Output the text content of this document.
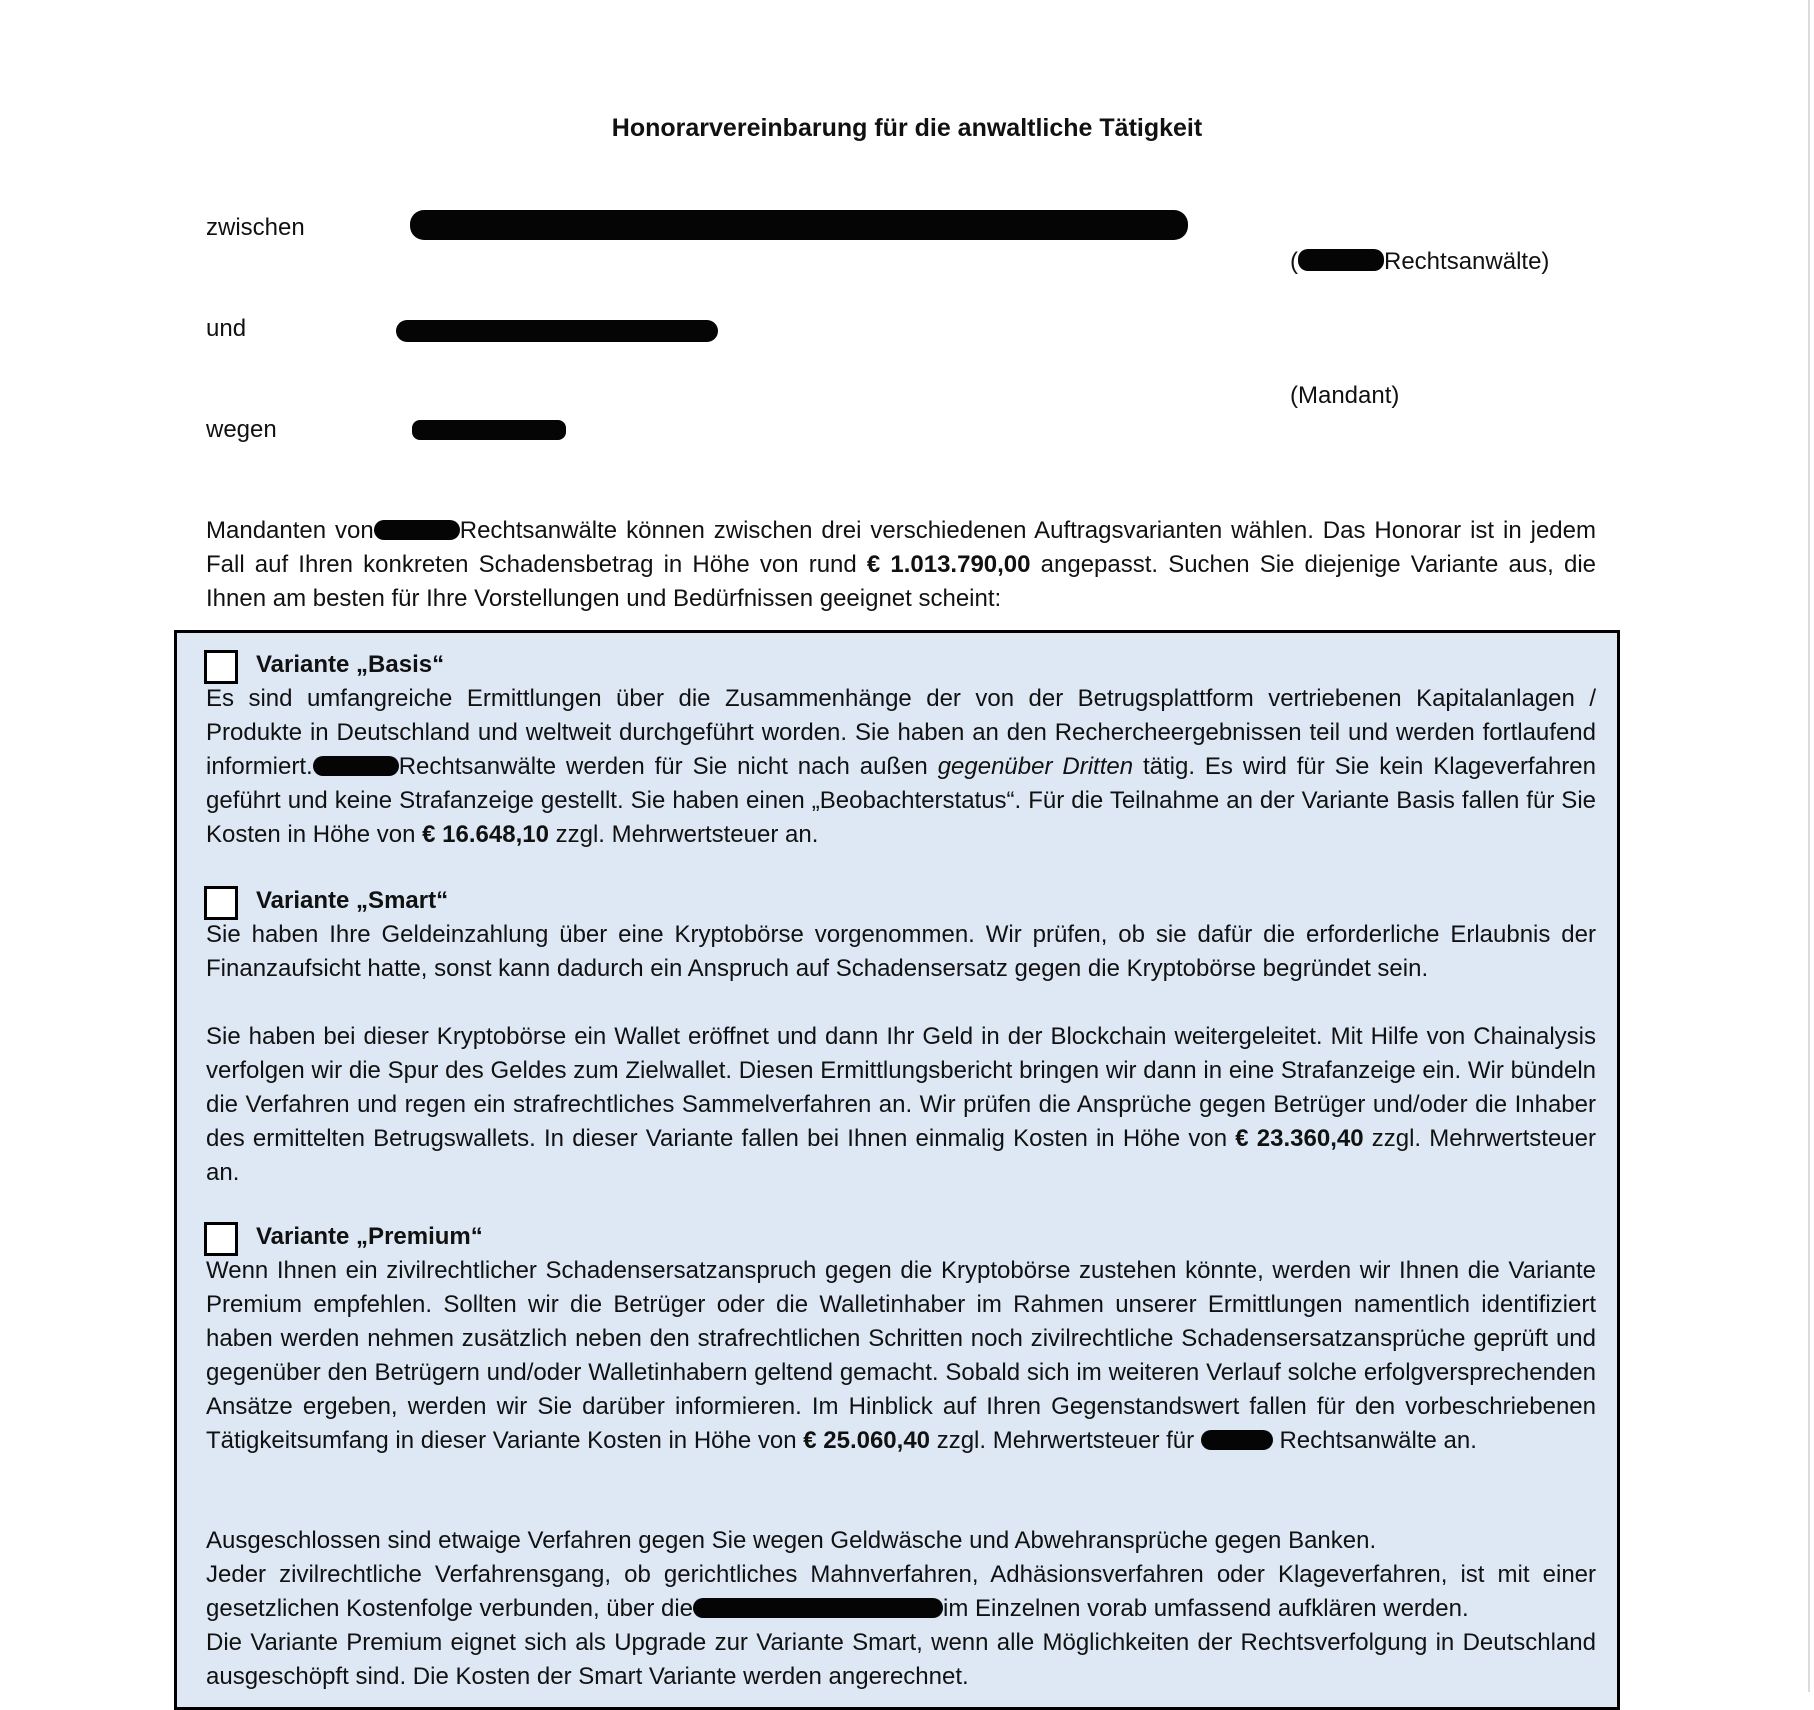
Honorarvereinbarung für die anwaltliche Tätigkeit
zwischen
(	Rechtsanwälte)
und
(Mandant)
wegen
Mandanten von	Rechtsanwälte können zwischen drei verschiedenen Auftragsvarianten wählen. Das Honorar ist in jedem Fall auf Ihren konkreten Schadensbetrag in Höhe von rund € 1.013.790,00 angepasst. Suchen Sie diejenige Variante aus, die Ihnen am besten für Ihre Vorstellungen und Bedürfnissen geeignet scheint:
Variante „Basis“

Es sind umfangreiche Ermittlungen über die Zusammenhänge der von der Betrugsplattform vertriebenen Kapitalanlagen / Produkte in Deutschland und weltweit durchgeführt worden. Sie haben an den Rechercheergebnissen teil und werden fortlaufend informiert.	Rechtsanwälte werden für Sie nicht nach außen gegenüber Dritten tätig. Es wird für Sie kein Klageverfahren geführt und keine Strafanzeige gestellt. Sie haben einen „Beobachterstatus“. Für die Teilnahme an der Variante Basis fallen für Sie Kosten in Höhe von € 16.648,10 zzgl. Mehrwertsteuer an.

Variante „Smart“

Sie haben Ihre Geldeinzahlung über eine Kryptobörse vorgenommen. Wir prüfen, ob sie dafür die erforderliche Erlaubnis der Finanzaufsicht hatte, sonst kann dadurch ein Anspruch auf Schadensersatz gegen die Kryptobörse begründet sein.

Sie haben bei dieser Kryptobörse ein Wallet eröffnet und dann Ihr Geld in der Blockchain weitergeleitet. Mit Hilfe von Chainalysis verfolgen wir die Spur des Geldes zum Zielwallet. Diesen Ermittlungsbericht bringen wir dann in eine Strafanzeige ein. Wir bündeln die Verfahren und regen ein strafrechtliches Sammelverfahren an. Wir prüfen die Ansprüche gegen Betrüger und/oder die Inhaber des ermittelten Betrugswallets. In dieser Variante fallen bei Ihnen einmalig Kosten in Höhe von € 23.360,40 zzgl. Mehrwertsteuer an.

Variante „Premium“

Wenn Ihnen ein zivilrechtlicher Schadensersatzanspruch gegen die Kryptobörse zustehen könnte, werden wir Ihnen die Variante Premium empfehlen. Sollten wir die Betrüger oder die Walletinhaber im Rahmen unserer Ermittlungen namentlich identifiziert haben werden nehmen zusätzlich neben den strafrechtlichen Schritten noch zivilrechtliche Schadensersatzansprüche geprüft und gegenüber den Betrügern und/oder Walletinhabern geltend gemacht. Sobald sich im weiteren Verlauf solche erfolgversprechenden Ansätze ergeben, werden wir Sie darüber informieren. Im Hinblick auf Ihren Gegenstandswert fallen für den vorbeschriebenen Tätigkeitsumfang in dieser Variante Kosten in Höhe von € 25.060,40 zzgl. Mehrwertsteuer für	Rechtsanwälte an.

Ausgeschlossen sind etwaige Verfahren gegen Sie wegen Geldwäsche und Abwehransprüche gegen Banken.
Jeder zivilrechtliche Verfahrensgang, ob gerichtliches Mahnverfahren, Adhäsionsverfahren oder Klageverfahren, ist mit einer gesetzlichen Kostenfolge verbunden, über die	im Einzelnen vorab umfassend aufklären werden.
Die Variante Premium eignet sich als Upgrade zur Variante Smart, wenn alle Möglichkeiten der Rechtsverfolgung in Deutschland ausgeschöpft sind. Die Kosten der Smart Variante werden angerechnet.
